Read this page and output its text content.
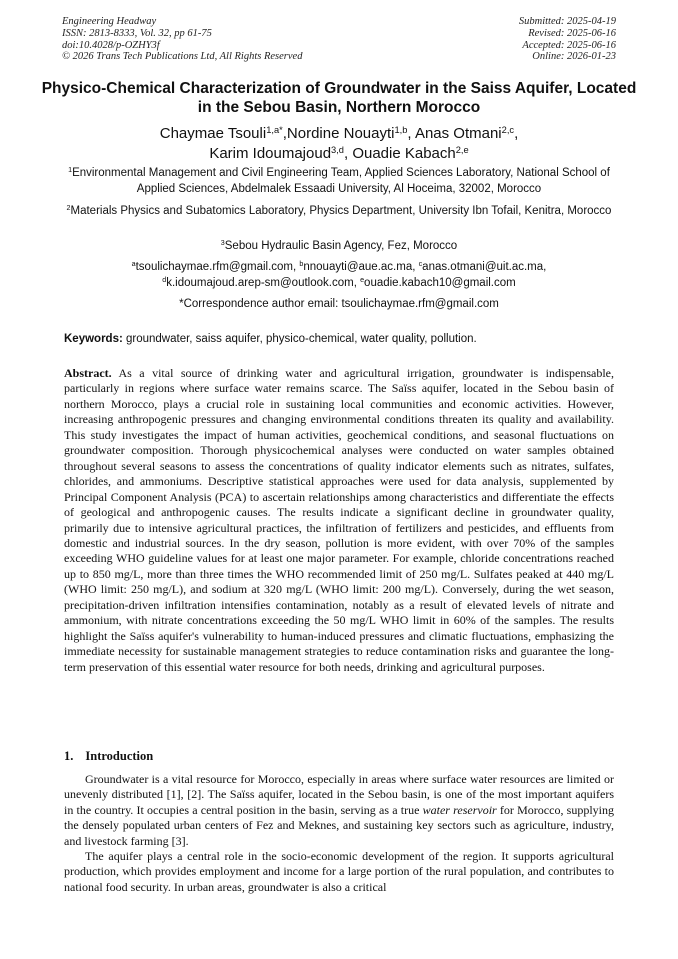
Engineering Headway
ISSN: 2813-8333, Vol. 32, pp 61-75
doi:10.4028/p-OZHY3f
© 2026 Trans Tech Publications Ltd, All Rights Reserved
Submitted: 2025-04-19
Revised: 2025-06-16
Accepted: 2025-06-16
Online: 2026-01-23
Physico-Chemical Characterization of Groundwater in the Saiss Aquifer, Located in the Sebou Basin, Northern Morocco
Chaymae Tsouli$^{1,a*}$,Nordine Nouayti$^{1,b}$, Anas Otmani$^{2,c}$,
Karim Idoumajoud$^{3,d}$, Ouadie Kabach$^{2,e}$
$^1$Environmental Management and Civil Engineering Team, Applied Sciences Laboratory, National School of Applied Sciences, Abdelmalek Essaadi University, Al Hoceima, 32002, Morocco
$^2$Materials Physics and Subatomics Laboratory, Physics Department, University Ibn Tofail, Kenitra, Morocco
$^3$Sebou Hydraulic Basin Agency, Fez, Morocco
$^a$tsoulichaymae.rfm@gmail.com, $^b$nnouayti@aue.ac.ma, $^c$anas.otmani@uit.ac.ma,
$^d$k.idoumajoud.arep-sm@outlook.com, $^e$ouadie.kabach10@gmail.com
*Correspondence author email: tsoulichaymae.rfm@gmail.com
Keywords: groundwater, saiss aquifer, physico-chemical, water quality, pollution.
Abstract. As a vital source of drinking water and agricultural irrigation, groundwater is indispensable, particularly in regions where surface water remains scarce. The Saïss aquifer, located in the Sebou basin of northern Morocco, plays a crucial role in sustaining local communities and economic activities. However, increasing anthropogenic pressures and changing environmental conditions threaten its quality and availability. This study investigates the impact of human activities, geochemical conditions, and seasonal fluctuations on groundwater composition. Thorough physicochemical analyses were conducted on water samples obtained throughout several seasons to assess the concentrations of quality indicator elements such as nitrates, sulfates, chlorides, and ammoniums. Descriptive statistical approaches were used for data analysis, supplemented by Principal Component Analysis (PCA) to ascertain relationships among characteristics and differentiate the effects of geological and anthropogenic causes. The results indicate a significant decline in groundwater quality, primarily due to intensive agricultural practices, the infiltration of fertilizers and pesticides, and effluents from domestic and industrial sources. In the dry season, pollution is more evident, with over 70% of the samples exceeding WHO guideline values for at least one major parameter. For example, chloride concentrations reached up to 850 mg/L, more than three times the WHO recommended limit of 250 mg/L. Sulfates peaked at 440 mg/L (WHO limit: 250 mg/L), and sodium at 320 mg/L (WHO limit: 200 mg/L). Conversely, during the wet season, precipitation-driven infiltration intensifies contamination, notably as a result of elevated levels of nitrate and ammonium, with nitrate concentrations exceeding the 50 mg/L WHO limit in 60% of the samples. The results highlight the Saïss aquifer's vulnerability to human-induced pressures and climatic fluctuations, emphasizing the immediate necessity for sustainable management strategies to reduce contamination risks and guarantee the long-term preservation of this essential water resource for both needs, drinking and agricultural purposes.
1. Introduction
Groundwater is a vital resource for Morocco, especially in areas where surface water resources are limited or unevenly distributed [1], [2]. The Saïss aquifer, located in the Sebou basin, is one of the most important aquifers in the country. It occupies a central position in the basin, serving as a true water reservoir for Morocco, supplying the densely populated urban centers of Fez and Meknes, and sustaining key sectors such as agriculture, industry, and livestock farming [3].
The aquifer plays a central role in the socio-economic development of the region. It supports agricultural production, which provides employment and income for a large portion of the rural population, and contributes to national food security. In urban areas, groundwater is also a critical
